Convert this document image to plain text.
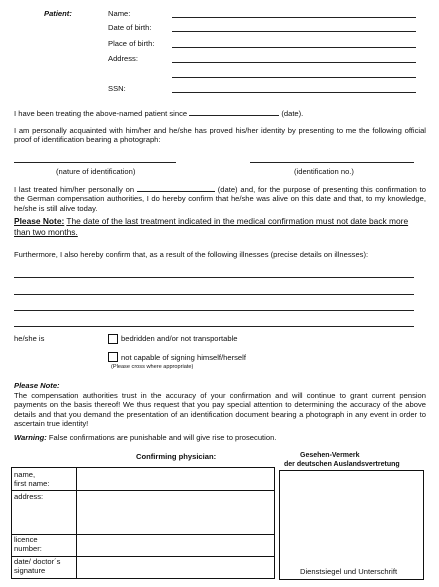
Patient:	Name:
Date of birth:
Place of birth:
Address:
SSN:
I have been treating the above-named patient since	(date).
I am personally acquainted with him/her and he/she has proved his/her identity by presenting to me the following official proof of identification bearing a photograph:
(nature of identification)	(identification no.)
I last treated him/her personally on	(date) and, for the purpose of presenting this confirmation to the German compensation authorities, I do hereby confirm that he/she was alive on this date and that, to my knowledge, he/she is still alive today.
Please Note: The date of the last treatment indicated in the medical confirmation must not date back more than two months.
Furthermore, I also hereby confirm that, as a result of the following illnesses (precise details on illnesses):
he/she is	bedridden and/or not transportable
not capable of signing himself/herself
(Please cross where appropriate)
Please Note:
The compensation authorities trust in the accuracy of your confirmation and will continue to grant current pension payments on the basis thereof! We thus request that you pay special attention to determining the accuracy of the above details and that you demand the presentation of an identification document bearing a photograph in any event in order to ascertain true identity!
Warning: False confirmations are punishable and will give rise to prosecution.
Confirming physician:
name,
first name:
address:
licence
number:
date/ doctor´s
signature
Gesehen-Vermerk
der deutschen Auslandsvertretung
Dienstsiegel und Unterschrift
